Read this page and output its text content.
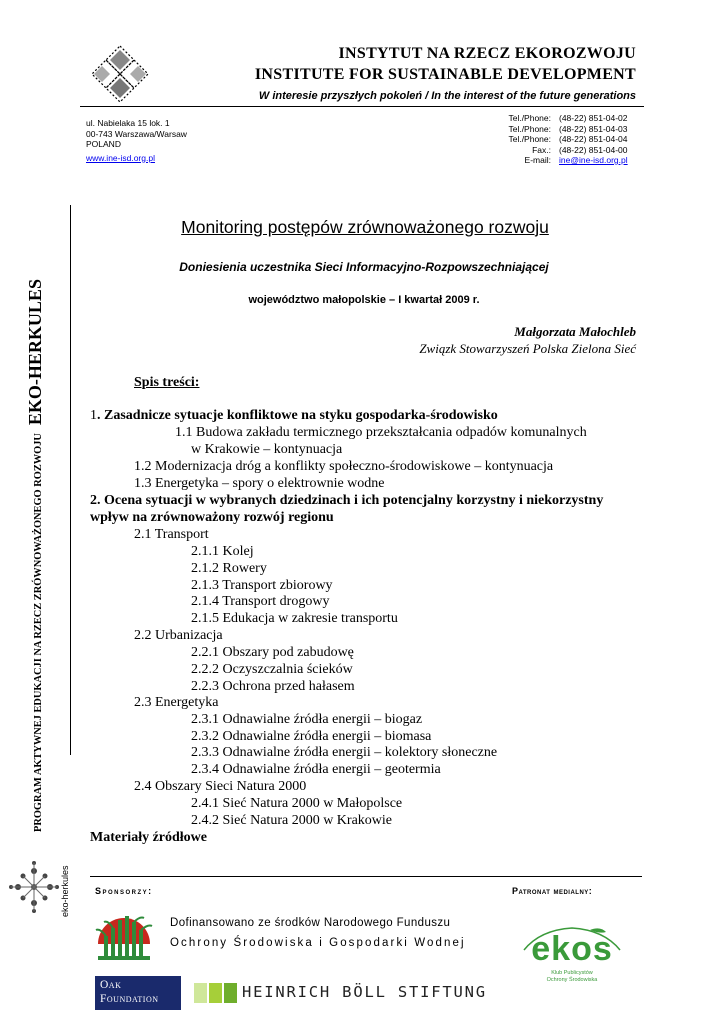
INSTYTUT NA RZECZ EKOROZWOJU
INSTITUTE FOR SUSTAINABLE DEVELOPMENT
W interesie przyszłych pokoleń / In the interest of the future generations
ul. Nabielaka 15 lok. 1
00-743 Warszawa/Warsaw
POLAND
www.ine-isd.org.pl
Tel./Phone: (48-22) 851-04-02
Tel./Phone: (48-22) 851-04-03
Tel./Phone: (48-22) 851-04-04
Fax.: (48-22) 851-04-00
E-mail: ine@ine-isd.org.pl
PROGRAM AKTYWNEJ EDUKACJI NA RZECZ ZRÓWNOWAŻONEGO ROZWOJU EKO-HERKULES
eko-herkules
Monitoring postępów zrównoważonego rozwoju
Doniesienia uczestnika Sieci Informacyjno-Rozpowszechniającej
województwo małopolskie – I kwartał 2009 r.
Małgorzata Małochleb
Związk Stowarzyszeń Polska Zielona Sieć
Spis treści:
1. Zasadnicze sytuacje konfliktowe na styku gospodarka-środowisko
1.1 Budowa zakładu termicznego przekształcania odpadów komunalnych
w Krakowie – kontynuacja
1.2 Modernizacja dróg a konflikty społeczno-środowiskowe – kontynuacja
1.3 Energetyka – spory o elektrownie wodne
2. Ocena sytuacji w wybranych dziedzinach i ich potencjalny korzystny i niekorzystny
wpływ na zrównoważony rozwój regionu
2.1 Transport
2.1.1 Kolej
2.1.2 Rowery
2.1.3 Transport zbiorowy
2.1.4 Transport drogowy
2.1.5 Edukacja w zakresie transportu
2.2 Urbanizacja
2.2.1 Obszary pod zabudowę
2.2.2 Oczyszczalnia ścieków
2.2.3 Ochrona przed hałasem
2.3 Energetyka
2.3.1 Odnawialne źródła energii – biogaz
2.3.2 Odnawialne źródła energii – biomasa
2.3.3 Odnawialne źródła energii – kolektory słoneczne
2.3.4 Odnawialne źródła energii – geotermia
2.4 Obszary Sieci Natura 2000
2.4.1 Sieć Natura 2000 w Małopolsce
2.4.2 Sieć Natura 2000 w Krakowie
Materiały źródłowe
Sponsorzy:	Patronat medialny:
Dofinansowano ze środków Narodowego Funduszu
Ochrony Środowiska i Gospodarki Wodnej
Oak
Foundation	HEINRICH BÖLL STIFTUNG
ekos
Klub Publicystów
Ochrony Środowiska
